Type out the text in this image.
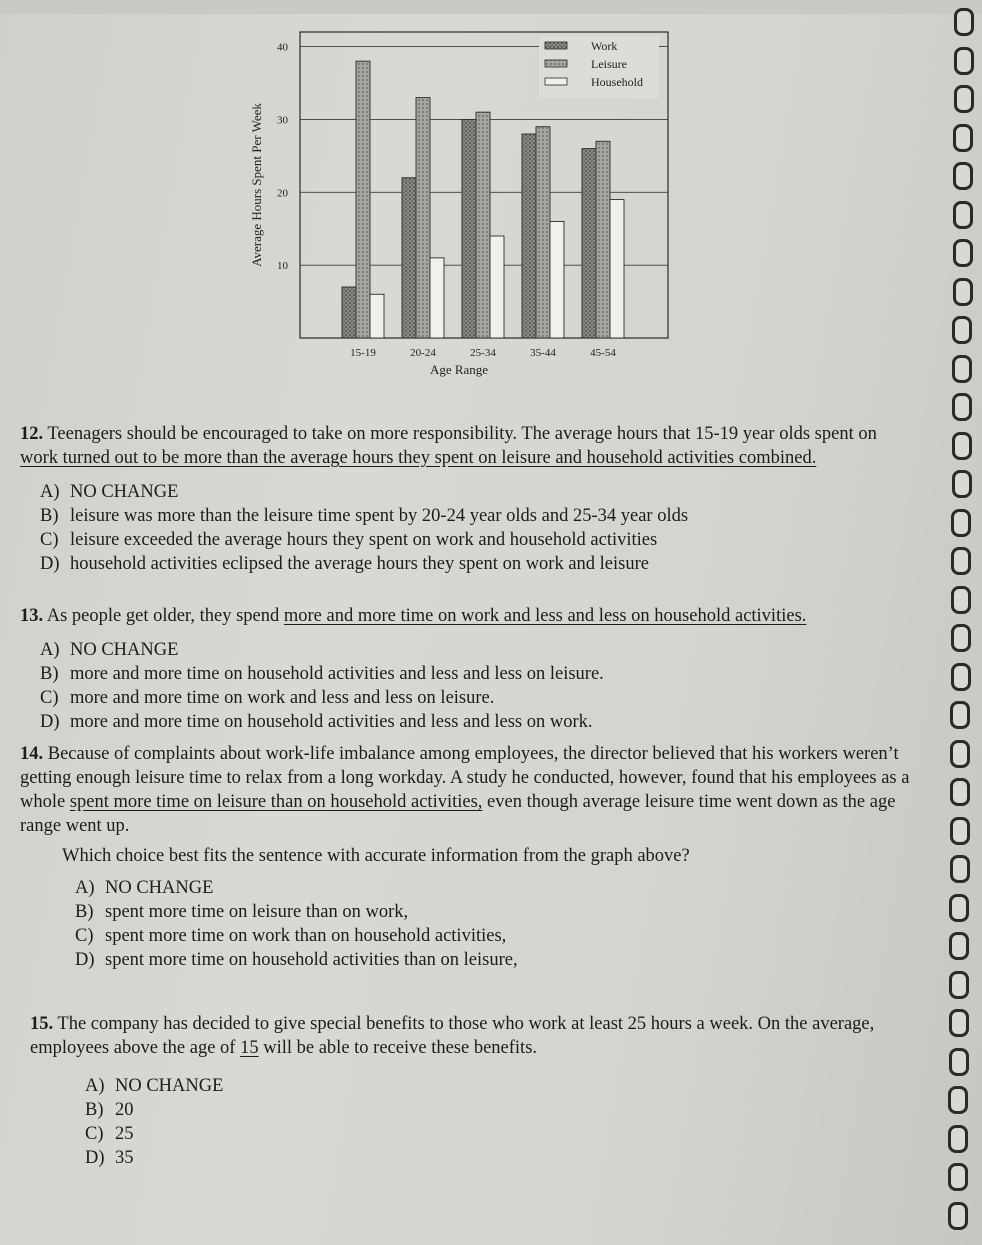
10
20
30
40
Average Hours Spent Per Week
Age Range
15-19	20-24	25-34	35-44	45-54
Work
Leisure
Household

12. Teenagers should be encouraged to take on more responsibility. The average hours that 15-19 year olds spent on work turned out to be more than the average hours they spent on leisure and household activities combined.

A) NO CHANGE

B) leisure was more than the leisure time spent by 20-24 year olds and 25-34 year olds

C) leisure exceeded the average hours they spent on work and household activities

D) household activities eclipsed the average hours they spent on work and leisure

13. As people get older, they spend more and more time on work and less and less on household activities.

A) NO CHANGE

B) more and more time on household activities and less and less on leisure.

C) more and more time on work and less and less on leisure.

D) more and more time on household activities and less and less on work.

14. Because of complaints about work-life imbalance among employees, the director believed that his workers weren’t getting enough leisure time to relax from a long workday. A study he conducted, however, found that his employees as a whole spent more time on leisure than on household activities, even though average leisure time went down as the age range went up.

Which choice best fits the sentence with accurate information from the graph above?

A) NO CHANGE

B) spent more time on leisure than on work,

C) spent more time on work than on household activities,

D) spent more time on household activities than on leisure,

15. The company has decided to give special benefits to those who work at least 25 hours a week. On the average, employees above the age of 15 will be able to receive these benefits.

A) NO CHANGE

B) 20

C) 25

D) 35
